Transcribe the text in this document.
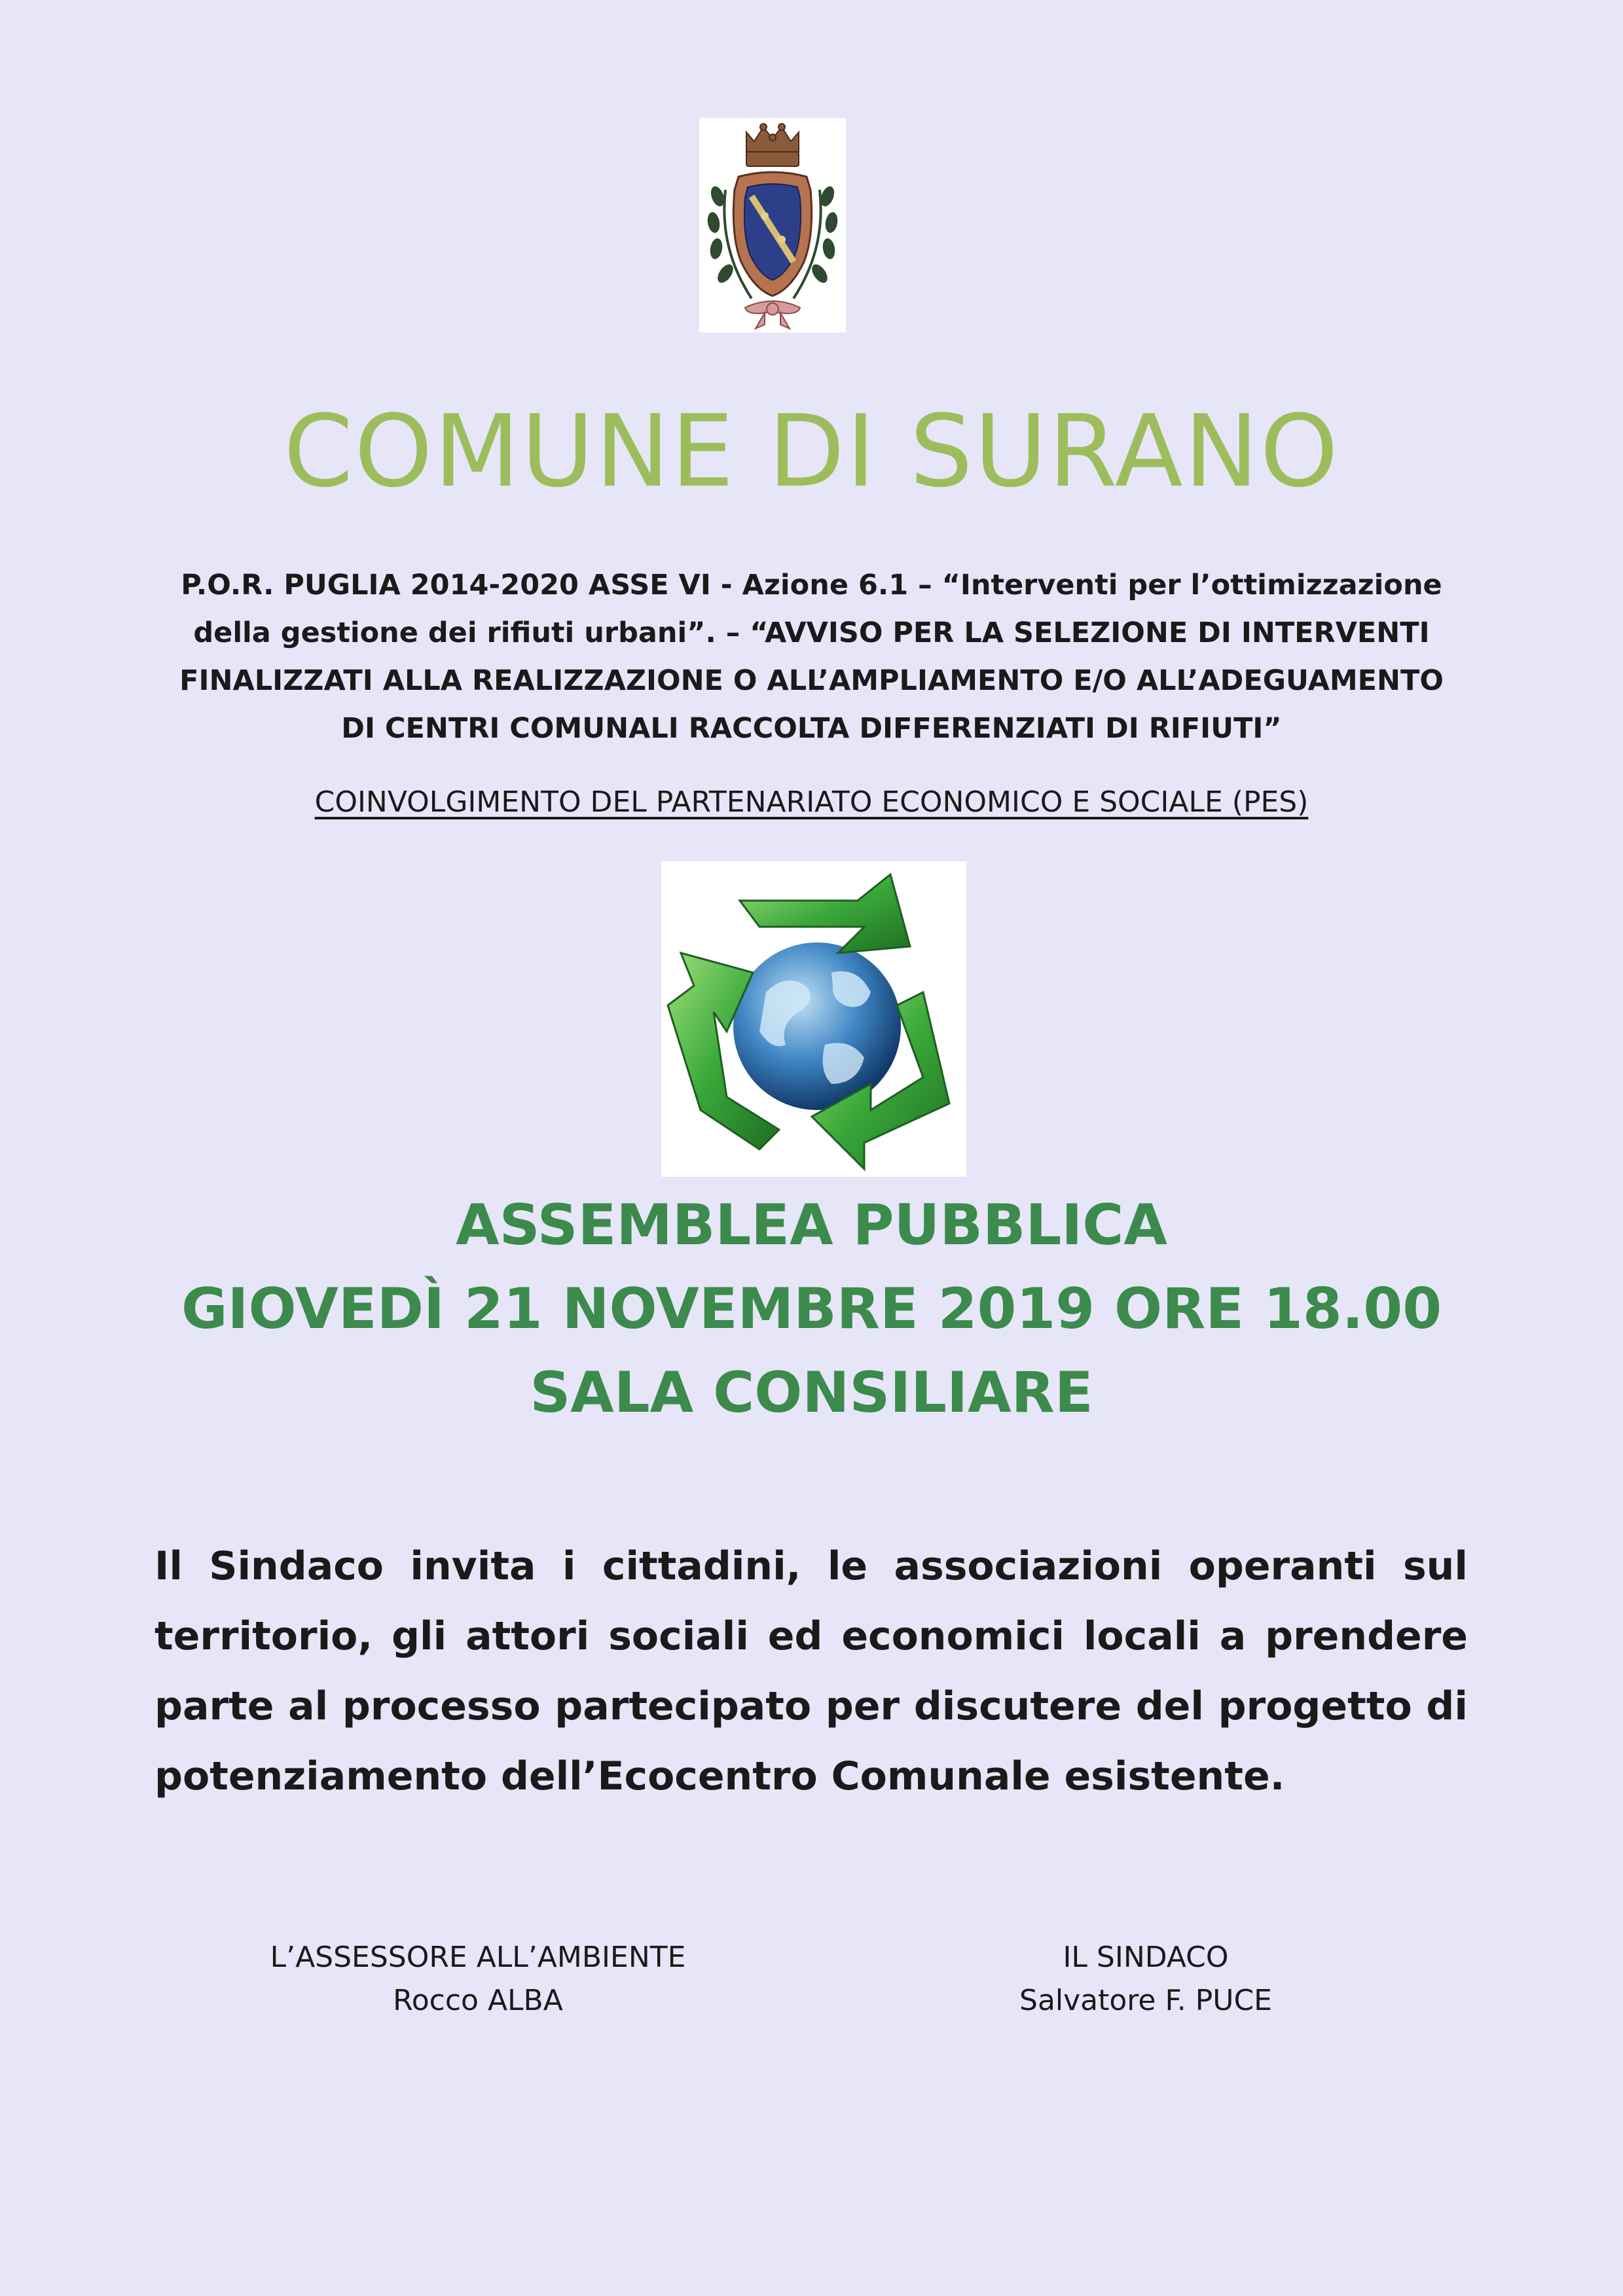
COMUNE DI SURANO
P.O.R. PUGLIA 2014-2020 ASSE VI - Azione 6.1 – “Interventi per l’ottimizzazione
della gestione dei rifiuti urbani”. – “AVVISO PER LA SELEZIONE DI INTERVENTI
FINALIZZATI ALLA REALIZZAZIONE O ALL’AMPLIAMENTO E/O ALL’ADEGUAMENTO
DI CENTRI COMUNALI RACCOLTA DIFFERENZIATI DI RIFIUTI”
COINVOLGIMENTO DEL PARTENARIATO ECONOMICO E SOCIALE (PES)
ASSEMBLEA PUBBLICA
GIOVEDÌ 21 NOVEMBRE 2019 ORE 18.00
SALA CONSILIARE
Il Sindaco invita i cittadini, le associazioni operanti sul
territorio, gli attori sociali ed economici locali a prendere
parte al processo partecipato per discutere del progetto di
potenziamento dell’Ecocentro Comunale esistente.
L’ASSESSORE ALL’AMBIENTE
Rocco ALBA
IL SINDACO
Salvatore F. PUCE
